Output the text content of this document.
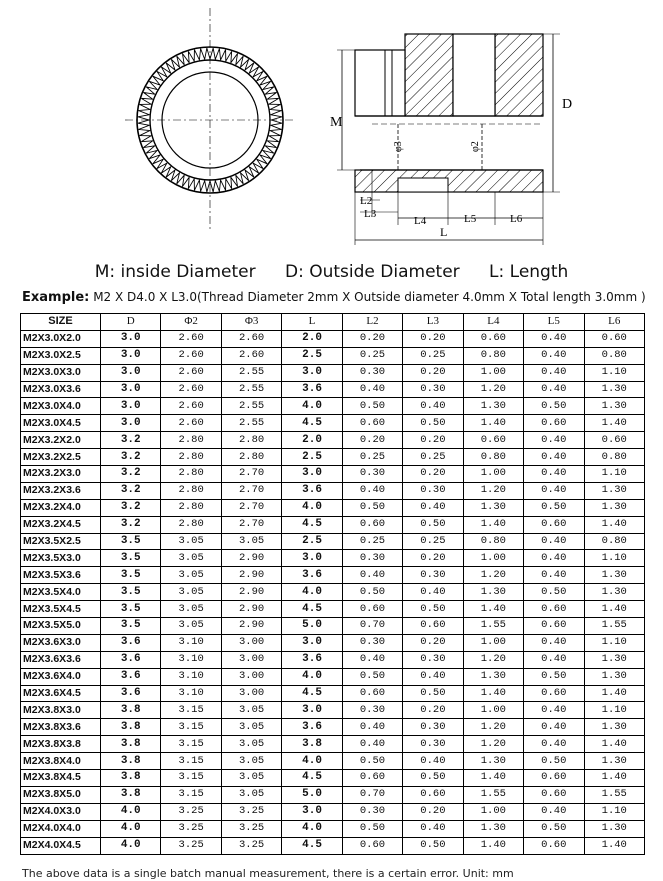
M
D
L
L2
L3
L4	L5	L6
φ3	φ2
M: inside Diameter D: Outside Diameter L: Length
Example: M2 X D4.0 X L3.0(Thread Diameter 2mm X Outside diameter 4.0mm X Total length 3.0mm )
SIZE	D	Φ2	Φ3	L	L2	L3	L4	L5	L6
M2X3.0X2.0	3.0	2.60	2.60	2.0	0.20	0.20	0.60	0.40	0.60
M2X3.0X2.5	3.0	2.60	2.60	2.5	0.25	0.25	0.80	0.40	0.80
M2X3.0X3.0	3.0	2.60	2.55	3.0	0.30	0.20	1.00	0.40	1.10
M2X3.0X3.6	3.0	2.60	2.55	3.6	0.40	0.30	1.20	0.40	1.30
M2X3.0X4.0	3.0	2.60	2.55	4.0	0.50	0.40	1.30	0.50	1.30
M2X3.0X4.5	3.0	2.60	2.55	4.5	0.60	0.50	1.40	0.60	1.40
M2X3.2X2.0	3.2	2.80	2.80	2.0	0.20	0.20	0.60	0.40	0.60
M2X3.2X2.5	3.2	2.80	2.80	2.5	0.25	0.25	0.80	0.40	0.80
M2X3.2X3.0	3.2	2.80	2.70	3.0	0.30	0.20	1.00	0.40	1.10
M2X3.2X3.6	3.2	2.80	2.70	3.6	0.40	0.30	1.20	0.40	1.30
M2X3.2X4.0	3.2	2.80	2.70	4.0	0.50	0.40	1.30	0.50	1.30
M2X3.2X4.5	3.2	2.80	2.70	4.5	0.60	0.50	1.40	0.60	1.40
M2X3.5X2.5	3.5	3.05	3.05	2.5	0.25	0.25	0.80	0.40	0.80
M2X3.5X3.0	3.5	3.05	2.90	3.0	0.30	0.20	1.00	0.40	1.10
M2X3.5X3.6	3.5	3.05	2.90	3.6	0.40	0.30	1.20	0.40	1.30
M2X3.5X4.0	3.5	3.05	2.90	4.0	0.50	0.40	1.30	0.50	1.30
M2X3.5X4.5	3.5	3.05	2.90	4.5	0.60	0.50	1.40	0.60	1.40
M2X3.5X5.0	3.5	3.05	2.90	5.0	0.70	0.60	1.55	0.60	1.55
M2X3.6X3.0	3.6	3.10	3.00	3.0	0.30	0.20	1.00	0.40	1.10
M2X3.6X3.6	3.6	3.10	3.00	3.6	0.40	0.30	1.20	0.40	1.30
M2X3.6X4.0	3.6	3.10	3.00	4.0	0.50	0.40	1.30	0.50	1.30
M2X3.6X4.5	3.6	3.10	3.00	4.5	0.60	0.50	1.40	0.60	1.40
M2X3.8X3.0	3.8	3.15	3.05	3.0	0.30	0.20	1.00	0.40	1.10
M2X3.8X3.6	3.8	3.15	3.05	3.6	0.40	0.30	1.20	0.40	1.30
M2X3.8X3.8	3.8	3.15	3.05	3.8	0.40	0.30	1.20	0.40	1.40
M2X3.8X4.0	3.8	3.15	3.05	4.0	0.50	0.40	1.30	0.50	1.30
M2X3.8X4.5	3.8	3.15	3.05	4.5	0.60	0.50	1.40	0.60	1.40
M2X3.8X5.0	3.8	3.15	3.05	5.0	0.70	0.60	1.55	0.60	1.55
M2X4.0X3.0	4.0	3.25	3.25	3.0	0.30	0.20	1.00	0.40	1.10
M2X4.0X4.0	4.0	3.25	3.25	4.0	0.50	0.40	1.30	0.50	1.30
M2X4.0X4.5	4.0	3.25	3.25	4.5	0.60	0.50	1.40	0.60	1.40
The above data is a single batch manual measurement, there is a certain error. Unit: mm
